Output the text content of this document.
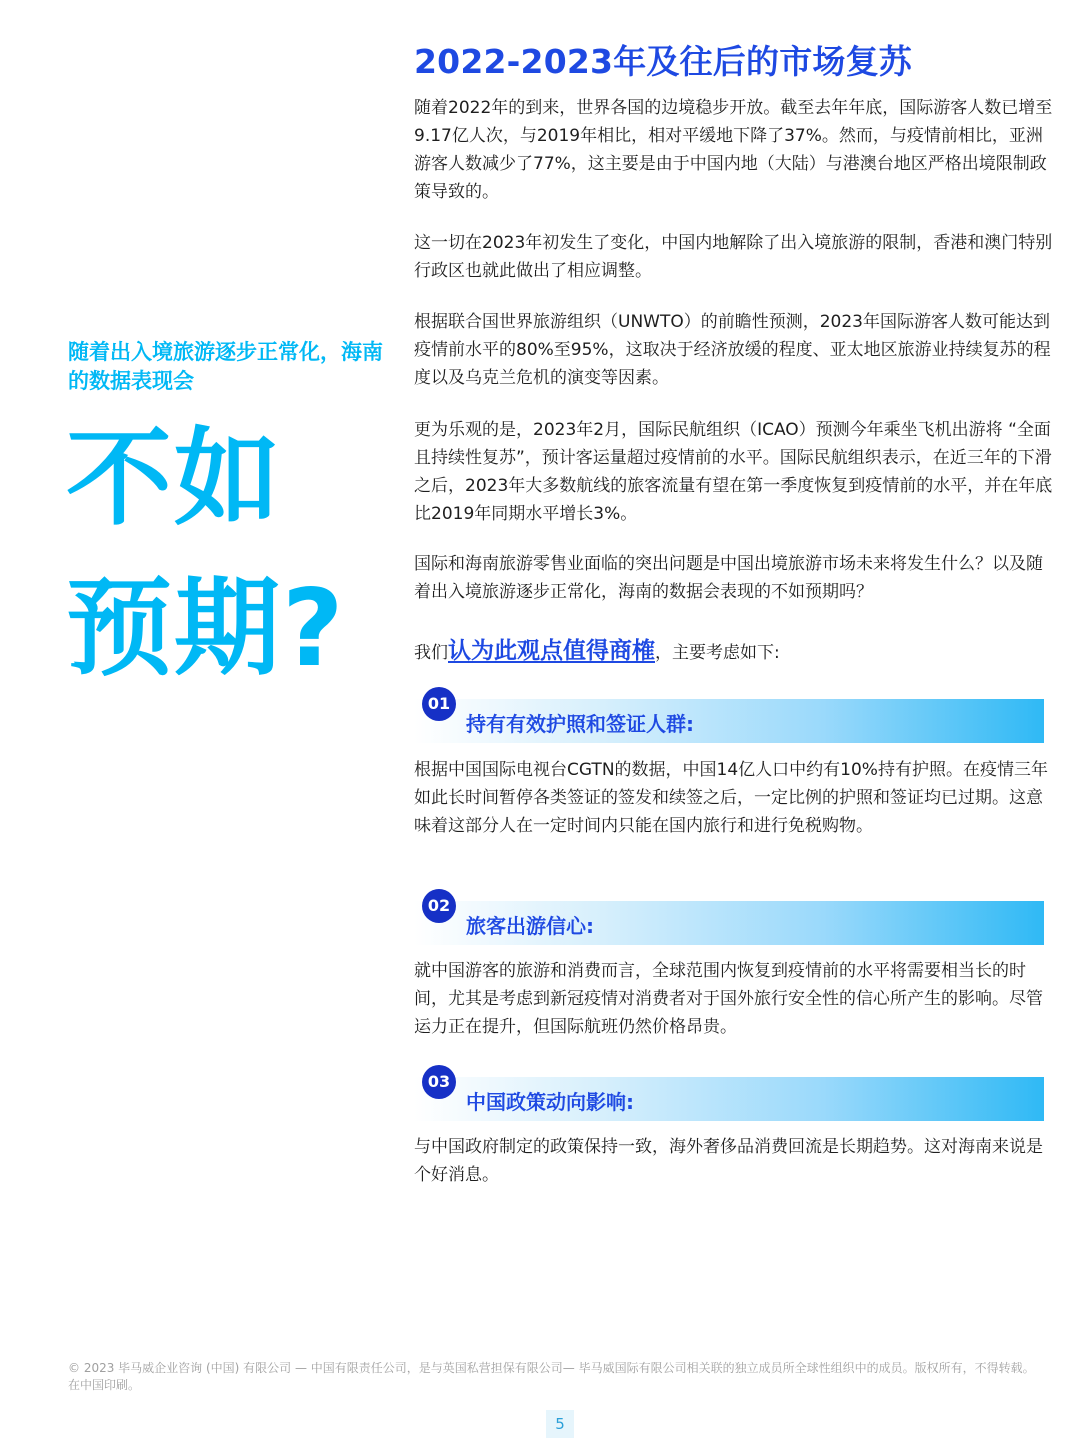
2022-2023年及往后的市场复苏
随着出入境旅游逐步正常化，海南的数据表现会
不如
预期?

随着2022年的到来，世界各国的边境稳步开放。截至去年年底，国际游客人数已增至9.17亿人次，与2019年相比，相对平缓地下降了37%。然而，与疫情前相比，亚洲游客人数减少了77%，这主要是由于中国内地（大陆）与港澳台地区严格出境限制政策导致的。

这一切在2023年初发生了变化，中国内地解除了出入境旅游的限制，香港和澳门特别行政区也就此做出了相应调整。

根据联合国世界旅游组织（UNWTO）的前瞻性预测，2023年国际游客人数可能达到疫情前水平的80%至95%，这取决于经济放缓的程度、亚太地区旅游业持续复苏的程度以及乌克兰危机的演变等因素。

更为乐观的是，2023年2月，国际民航组织（ICAO）预测今年乘坐飞机出游将 “全面且持续性复苏”，预计客运量超过疫情前的水平。国际民航组织表示，在近三年的下滑之后，2023年大多数航线的旅客流量有望在第一季度恢复到疫情前的水平，并在年底比2019年同期水平增长3%。

国际和海南旅游零售业面临的突出问题是中国出境旅游市场未来将发生什么？以及随着出入境旅游逐步正常化，海南的数据会表现的不如预期吗？

我们认为此观点值得商榷，主要考虑如下:
01
持有有效护照和签证人群:

根据中国国际电视台CGTN的数据，中国14亿人口中约有10%持有护照。在疫情三年如此长时间暂停各类签证的签发和续签之后，一定比例的护照和签证均已过期。这意味着这部分人在一定时间内只能在国内旅行和进行免税购物。

02
旅客出游信心:

就中国游客的旅游和消费而言，全球范围内恢复到疫情前的水平将需要相当长的时间，尤其是考虑到新冠疫情对消费者对于国外旅行安全性的信心所产生的影响。尽管运力正在提升，但国际航班仍然价格昂贵。

03
中国政策动向影响:

与中国政府制定的政策保持一致，海外奢侈品消费回流是长期趋势。这对海南来说是个好消息。

© 2023 毕马威企业咨询 (中国) 有限公司 — 中国有限责任公司，是与英国私营担保有限公司— 毕马威国际有限公司相关联的独立成员所全球性组织中的成员。版权所有，不得转载。在中国印刷。
5
